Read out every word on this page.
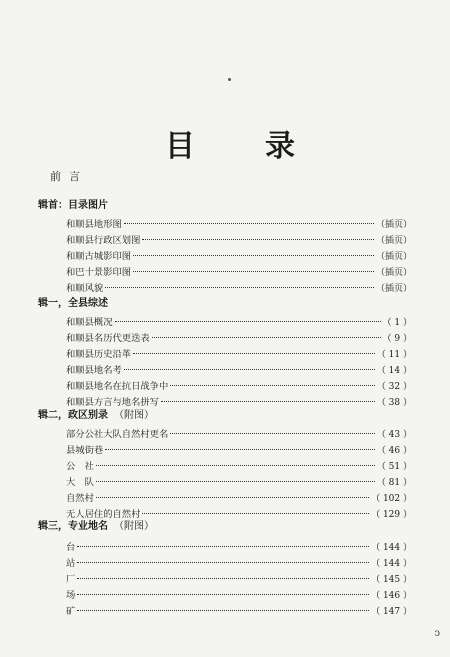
目 录
前言
辑首：目录图片
和顺县地形图	（插页）
和顺县行政区划图	（插页）
和顺古城影印图	（插页）
和巴十景影印图	（插页）
和顺风貌	（插页）
辑一，全县综述
和顺县概况	（ 1 ）
和顺县名历代更迭表	（ 9 ）
和顺县历史沿革	（ 11 ）
和顺县地名考	（ 14 ）
和顺县地名在抗日战争中	（ 32 ）
和顺县方言与地名拼写	（ 38 ）
辑二，政区别录 （附图）
部分公社大队自然村更名	（ 43 ）
县城街巷	（ 46 ）
公　社	（ 51 ）
大　队	（ 81 ）
自然村	（ 102 ）
无人居住的自然村	（ 129 ）
辑三，专业地名 （附图）
台	（ 144 ）
站	（ 144 ）
厂	（ 145 ）
场	（ 146 ）
矿	（ 147 ）
ↄ
